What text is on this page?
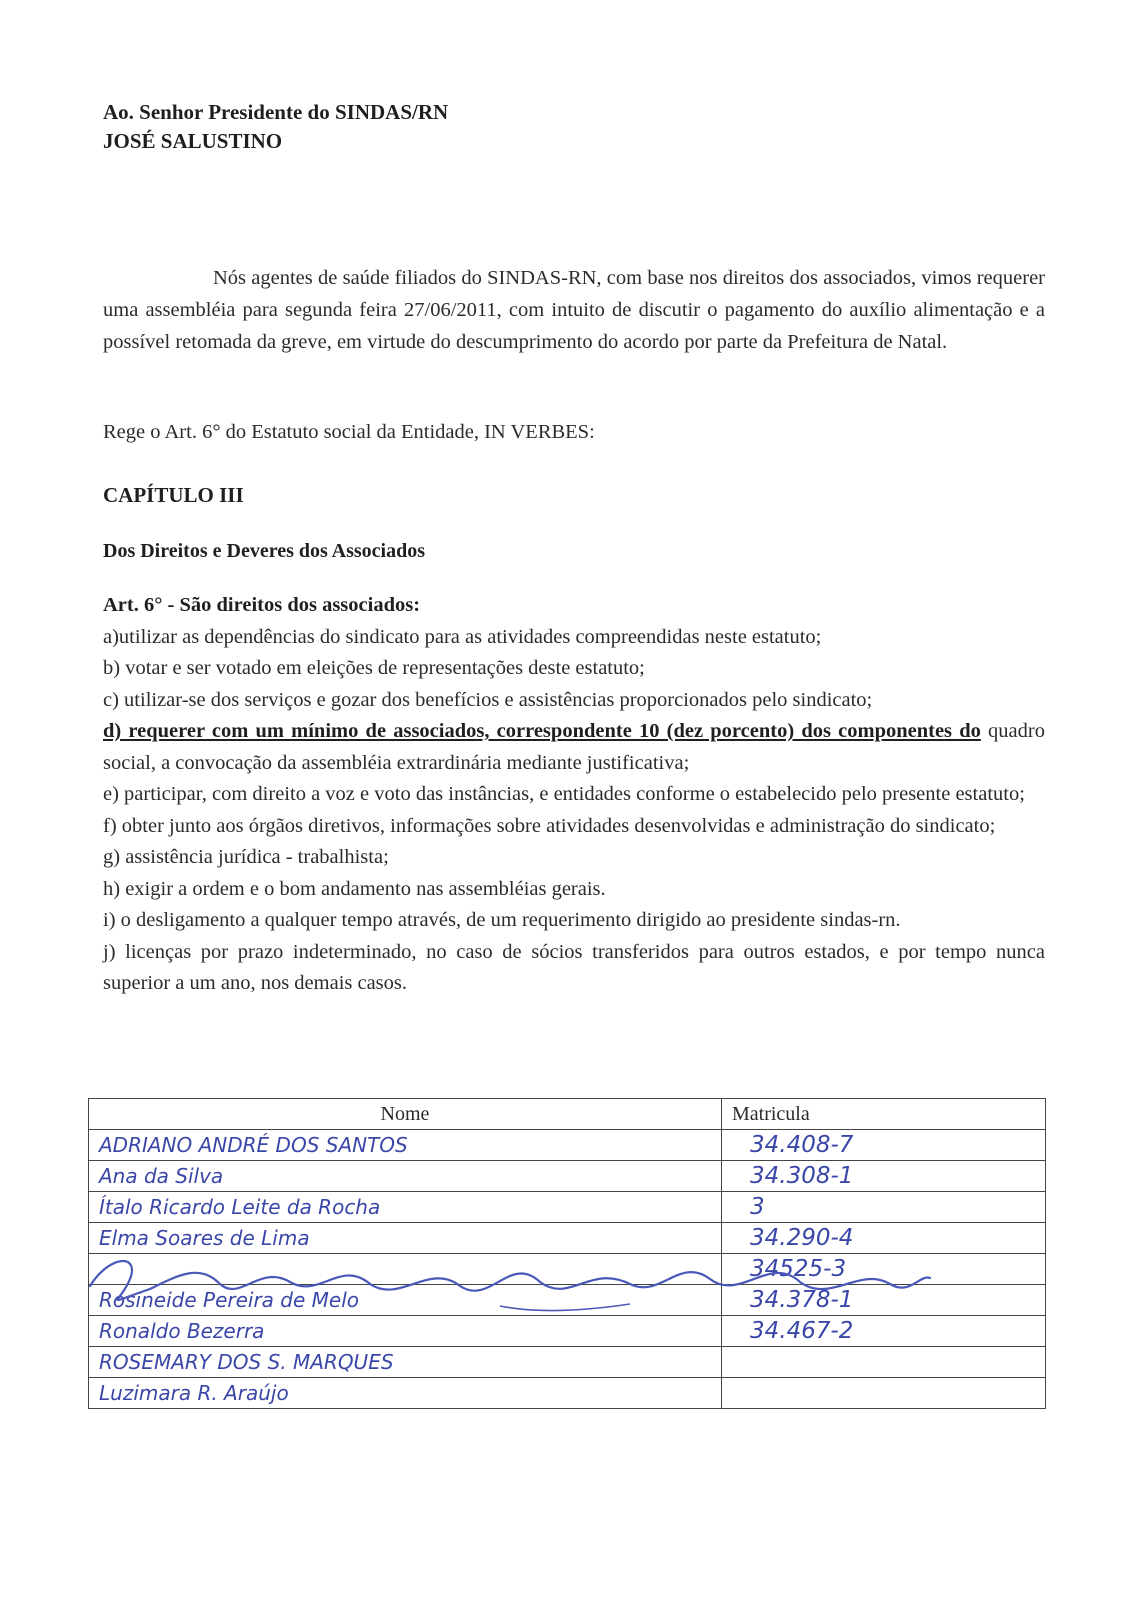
Ao. Senhor Presidente do SINDAS/RN
JOSÉ SALUSTINO
Nós agentes de saúde filiados do SINDAS-RN, com base nos direitos dos associados, vimos requerer uma assembléia para segunda feira 27/06/2011, com intuito de discutir o pagamento do auxílio alimentação e a possível retomada da greve, em virtude do descumprimento do acordo por parte da Prefeitura de Natal.
Rege o Art. 6° do Estatuto social da Entidade, IN VERBES:
CAPÍTULO III
Dos Direitos e Deveres dos Associados

Art. 6° - São direitos dos associados:

a)utilizar as dependências do sindicato para as atividades compreendidas neste estatuto;

b) votar e ser votado em eleições de representações deste estatuto;

c) utilizar-se dos serviços e gozar dos benefícios e assistências proporcionados pelo sindicato;

d) requerer com um mínimo de associados, correspondente 10 (dez porcento) dos componentes do quadro social, a convocação da assembléia extrardinária mediante justificativa;

e) participar, com direito a voz e voto das instâncias, e entidades conforme o estabelecido pelo presente estatuto;

f) obter junto aos órgãos diretivos, informações sobre atividades desenvolvidas e administração do sindicato;

g) assistência jurídica - trabalhista;

h) exigir a ordem e o bom andamento nas assembléias gerais.

i) o desligamento a qualquer tempo através, de um requerimento dirigido ao presidente sindas-rn.

j) licenças por prazo indeterminado, no caso de sócios transferidos para outros estados, e por tempo nunca superior a um ano, nos demais casos.

Nome	Matricula
ADRIANO ANDRÉ DOS SANTOS	34.408-7
Ana da Silva	34.308-1
Ítalo Ricardo Leite da Rocha	3
Elma Soares de Lima	34.290-4
	34525-3
Rosineide Pereira de Melo	34.378-1
Ronaldo Bezerra	34.467-2
ROSEMARY DOS S. MARQUES	
Luzimara R. Araújo	
